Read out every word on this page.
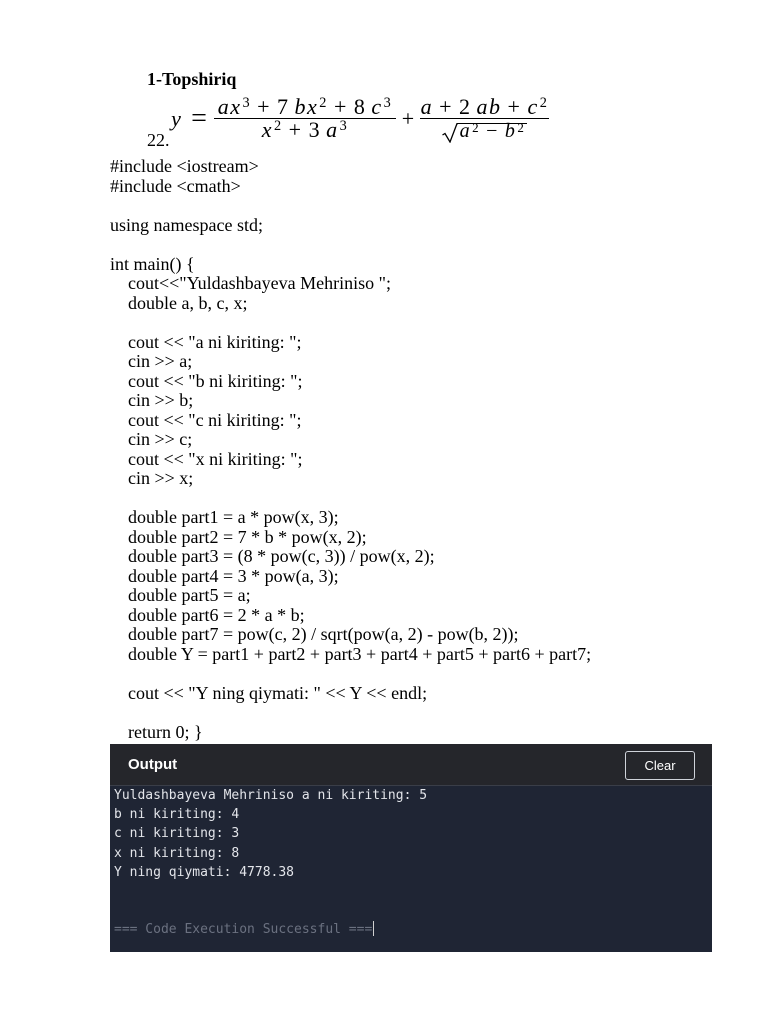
1-Topshiriq
y = ax 3 + 7 bx 2 + 8 c 3
x 2 + 3 a 3 + a + 2 ab + c 2
a 2 − b 2
22.
#include <iostream>
#include <cmath>
using namespace std;
int main() {
cout<<"Yuldashbayeva Mehriniso ";
double a, b, c, x;
cout << "a ni kiriting: ";
cin >> a;
cout << "b ni kiriting: ";
cin >> b;
cout << "c ni kiriting: ";
cin >> c;
cout << "x ni kiriting: ";
cin >> x;
double part1 = a * pow(x, 3);
double part2 = 7 * b * pow(x, 2);
double part3 = (8 * pow(c, 3)) / pow(x, 2);
double part4 = 3 * pow(a, 3);
double part5 = a;
double part6 = 2 * a * b;
double part7 = pow(c, 2) / sqrt(pow(a, 2) - pow(b, 2));
double Y = part1 + part2 + part3 + part4 + part5 + part6 + part7;
cout << "Y ning qiymati: " << Y << endl;
return 0; }
Output	Clear
Yuldashbayeva Mehriniso a ni kiriting: 5
b ni kiriting: 4
c ni kiriting: 3
x ni kiriting: 8
Y ning qiymati: 4778.38
=== Code Execution Successful ===
